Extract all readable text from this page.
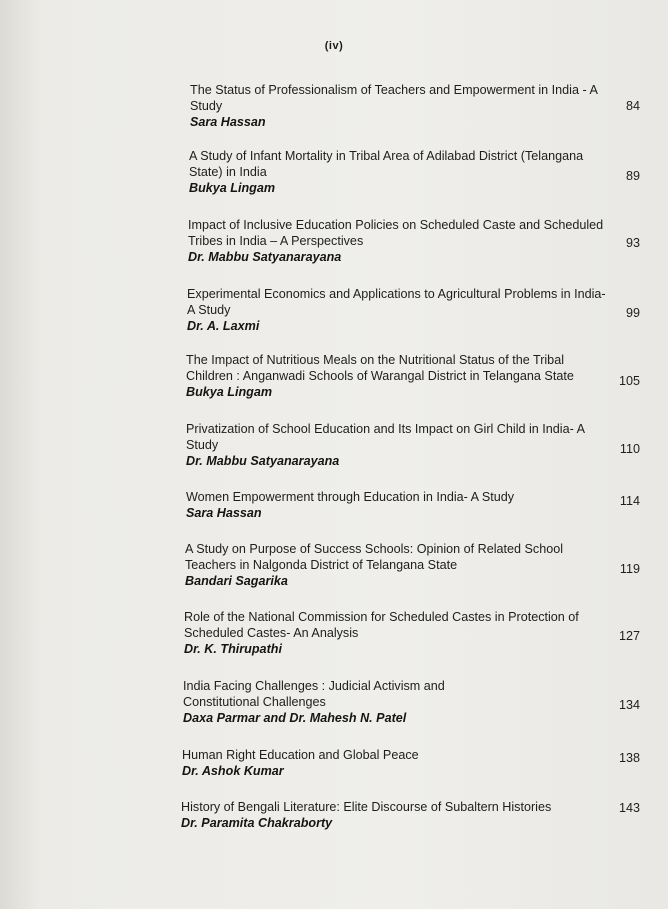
(iv)
The Status of Professionalism of Teachers and Empowerment in India - A Study
Sara Hassan
84
A Study of Infant Mortality in Tribal Area of Adilabad District (Telangana State) in India
Bukya Lingam
89
Impact of Inclusive Education Policies on Scheduled Caste and Scheduled Tribes in India – A Perspectives
Dr. Mabbu Satyanarayana
93
Experimental Economics and Applications to Agricultural Problems in India- A Study
Dr. A. Laxmi
99
The Impact of Nutritious Meals on the Nutritional Status of the Tribal Children : Anganwadi Schools of Warangal District in Telangana State
Bukya Lingam
105
Privatization of School Education and Its Impact on Girl Child in India- A Study
Dr. Mabbu Satyanarayana
110
Women Empowerment through Education in India- A Study
Sara Hassan
114
A Study on Purpose of Success Schools: Opinion of Related School Teachers in Nalgonda District of Telangana State
Bandari Sagarika
119
Role of the National Commission for Scheduled Castes in Protection of Scheduled Castes- An Analysis
Dr. K. Thirupathi
127
India Facing Challenges : Judicial Activism and Constitutional Challenges
Daxa Parmar and Dr. Mahesh N. Patel
134
Human Right Education and Global Peace
Dr. Ashok Kumar
138
History of Bengali Literature: Elite Discourse of Subaltern Histories
Dr. Paramita Chakraborty
143
